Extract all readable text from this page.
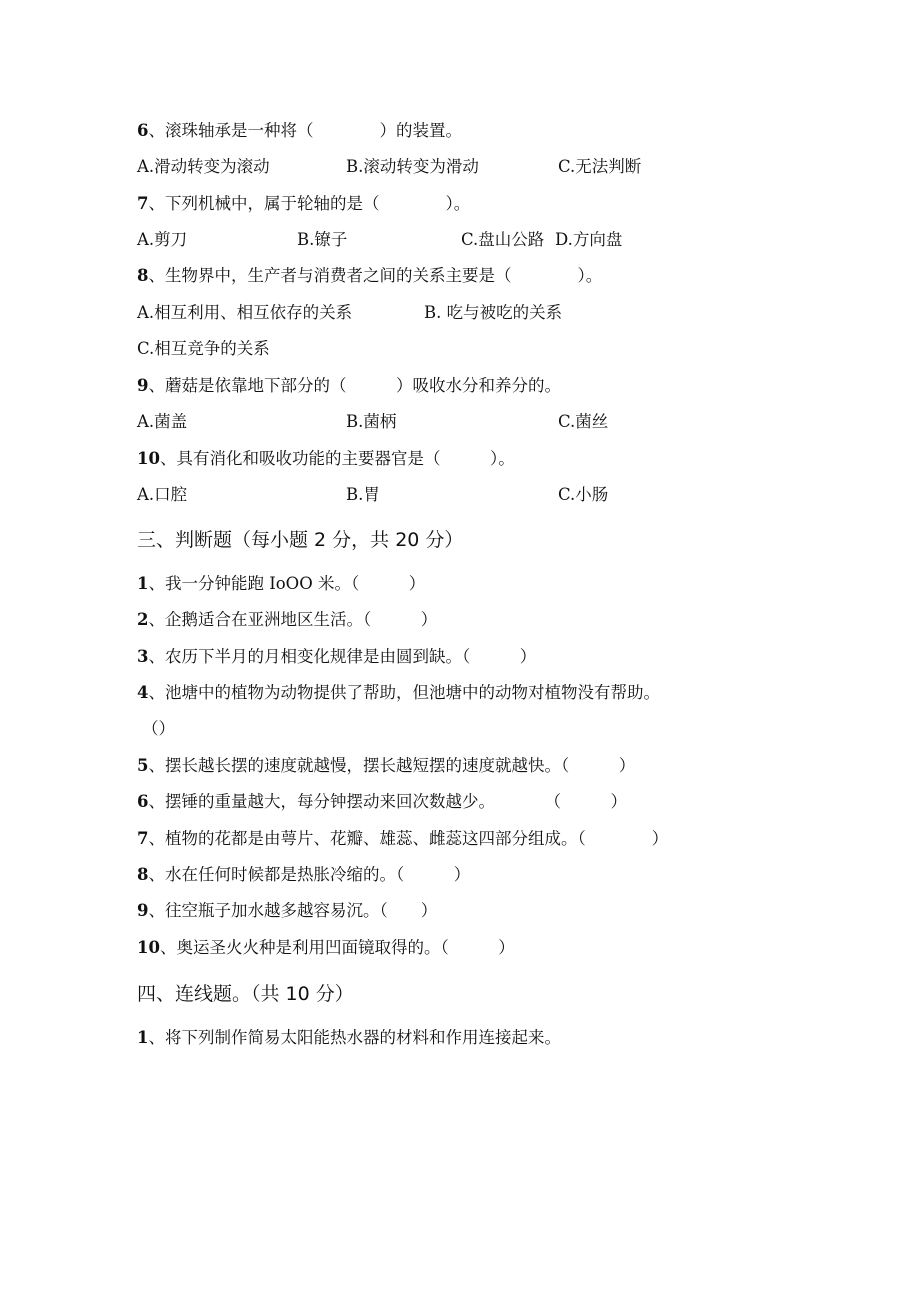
6、滚珠轴承是一种将（　　　　）的装置。
A.滑动转变为滚动	B.滚动转变为滑动	C.无法判断
7、下列机械中，属于轮轴的是（　　　　）。
A.剪刀	B.镣子	C.盘山公路 D.方向盘
8、生物界中，生产者与消费者之间的关系主要是（　　　　）。
A.相互利用、相互依存的关系	B. 吃与被吃的关系
C.相互竞争的关系
9、蘑菇是依靠地下部分的（　　　）吸收水分和养分的。
A.菌盖	B.菌柄	C.菌丝
10、具有消化和吸收功能的主要器官是（　　　）。
A.口腔	B.胃	C.小肠
三、判断题（每小题 2 分，共 20 分）
1、我一分钟能跑 IoOO 米。（　　　）
2、企鹅适合在亚洲地区生活。（　　　）
3、农历下半月的月相变化规律是由圆到缺。（　　　）
4、池塘中的植物为动物提供了帮助，但池塘中的动物对植物没有帮助。
（）
5、摆长越长摆的速度就越慢，摆长越短摆的速度就越快。（　　　）
6、摆锤的重量越大，每分钟摆动来回次数越少。　　　　（　　　）
7、植物的花都是由萼片、花瓣、雄蕊、雌蕊这四部分组成。（　　　　）
8、水在任何时候都是热胀冷缩的。（　　　）
9、往空瓶子加水越多越容易沉。（　　）
10、奥运圣火火种是利用凹面镜取得的。（　　　）
四、连线题。（共 10 分）
1、将下列制作简易太阳能热水器的材料和作用连接起来。
